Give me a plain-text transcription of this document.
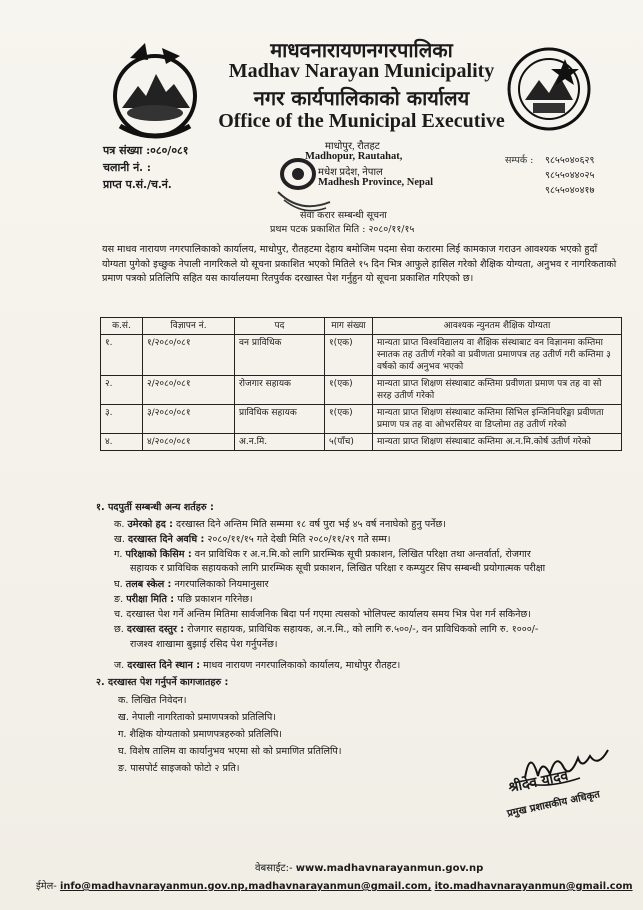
माधवनारायणनगरपालिका
Madhav Narayan Municipality
नगर कार्यपालिकाको कार्यालय
Office of the Municipal Executive
माधोपुर, रौतहट
Madhopur, Rautahat,
मधेश प्रदेश, नेपाल
Madhesh Province, Nepal
पत्र संख्या :०८०/०८१
चलानी नं. :
प्राप्त प.सं./च.नं.
सम्पर्क : ९८५५०४०६२९
९८५५०४४०२५
९८५५०४०४१७
सेवा करार सम्बन्धी सूचना
प्रथम पटक प्रकाशित मिति : २०८०/११/१५
यस माधव नारायण नगरपालिकाको कार्यालय, माधोपुर, रौतहटमा देहाय बमोजिम पदमा सेवा करारमा लिई कामकाज गराउन आवश्यक भएको हुदाँ योग्यता पुगेको इच्छुक नेपाली नागरिकले यो सूचना प्रकाशित भएको मितिले १५ दिन भित्र आफुले हासिल गरेको शैक्षिक योग्यता, अनुभव र नागरिकताको प्रमाण पत्रको प्रतिलिपि सहित यस कार्यालयमा रितपुर्वक दरखास्त पेश गर्नुहुन यो सूचना प्रकाशित गरिएको छ।
क.सं.	विज्ञापन नं.	पद	माग संख्या	आवश्यक न्युनतम शैक्षिक योग्यता
१.	१/२०८०/०८१	वन प्राविधिक	१(एक)	मान्यता प्राप्त विश्वविद्यालय वा शैक्षिक संस्थाबाट वन विज्ञानमा कम्तिमा स्नातक तह उतीर्ण गरेको वा प्रवीणता प्रमाणपत्र तह उतीर्ण गरी कम्तिमा ३ वर्षको कार्य अनुभव भएको
२.	२/२०८०/०८१	रोजगार सहायक	१(एक)	मान्यता प्राप्त शिक्षण संस्थाबाट कम्तिमा प्रवीणता प्रमाण पत्र तह वा सो सरह उतीर्ण गरेको
३.	३/२०८०/०८१	प्राविधिक सहायक	१(एक)	मान्यता प्राप्त शिक्षण संस्थाबाट कम्तिमा सिभिल इन्जिनियरिङ्मा प्रवीणता प्रमाण पत्र तह वा ओभरसियर वा डिप्लोमा तह उतीर्ण गरेको
४.	४/२०८०/०८१	अ.न.मि.	५(पाँच)	मान्यता प्राप्त शिक्षण संस्थाबाट कम्तिमा अ.न.मि.कोर्ष उतीर्ण गरेको
१. पदपुर्ती सम्बन्धी अन्य शर्तहरु :
क. उमेरको हद : दरखास्त दिने अन्तिम मिति सम्ममा १८ वर्ष पुरा भई ४५ वर्ष ननाघेको हुनु पर्नेछ।
ख. दरखास्त दिने अवधि : २०८०/११/१५ गते देखी मिति २०८०/११/२९ गते सम्म।
ग. परिक्षाको किसिम : वन प्राविधिक र अ.न.मि.को लागि प्रारम्भिक सूची प्रकाशन, लिखित परिक्षा तथा अन्तर्वार्ता, रोजगार
सहायक र प्राविधिक सहायकको लागि प्रारम्भिक सूची प्रकाशन, लिखित परिक्षा र कम्प्युटर सिप सम्बन्धी प्रयोगात्मक परीक्षा
घ. तलब स्केल : नगरपालिकाको नियमानुसार
ङ. परीक्षा मिति : पछि प्रकाशन गरिनेछ।
च. दरखास्त पेश गर्ने अन्तिम मितिमा सार्वजनिक बिदा पर्न गएमा त्यसको भोलिपल्ट कार्यालय समय भित्र पेश गर्न सकिनेछ।
छ. दरखास्त दस्तुर : रोजगार सहायक, प्राविधिक सहायक, अ.न.मि., को लागि रु.५००/-, वन प्राविधिकको लागि रु. १०००/-
राजश्व शाखामा बुझाई रसिद पेश गर्नुपर्नेछ।
ज. दरखास्त दिने स्थान : माधव नारायण नगरपालिकाको कार्यालय, माधोपुर रौतहट।
२. दरखास्त पेश गर्नुपर्ने कागजातहरु :
क. लिखित निवेदन।
ख. नेपाली नागरिताको प्रमाणपत्रको प्रतिलिपि।
ग. शैक्षिक योग्यताको प्रमाणपत्रहरुको प्रतिलिपि।
घ. विशेष तालिम वा कार्यानुभव भएमा सो को प्रमाणित प्रतिलिपि।
ङ. पासपोर्ट साइजको फोटो २ प्रति।	श्रीदेव यादव
प्रमुख प्रशासकीय अधिकृत
वेबसाईट:- www.madhavnarayanmun.gov.np
ईमेल- info@madhavnarayanmun.gov.np,madhavnarayanmun@gmail.com, ito.madhavnarayanmun@gmail.com
